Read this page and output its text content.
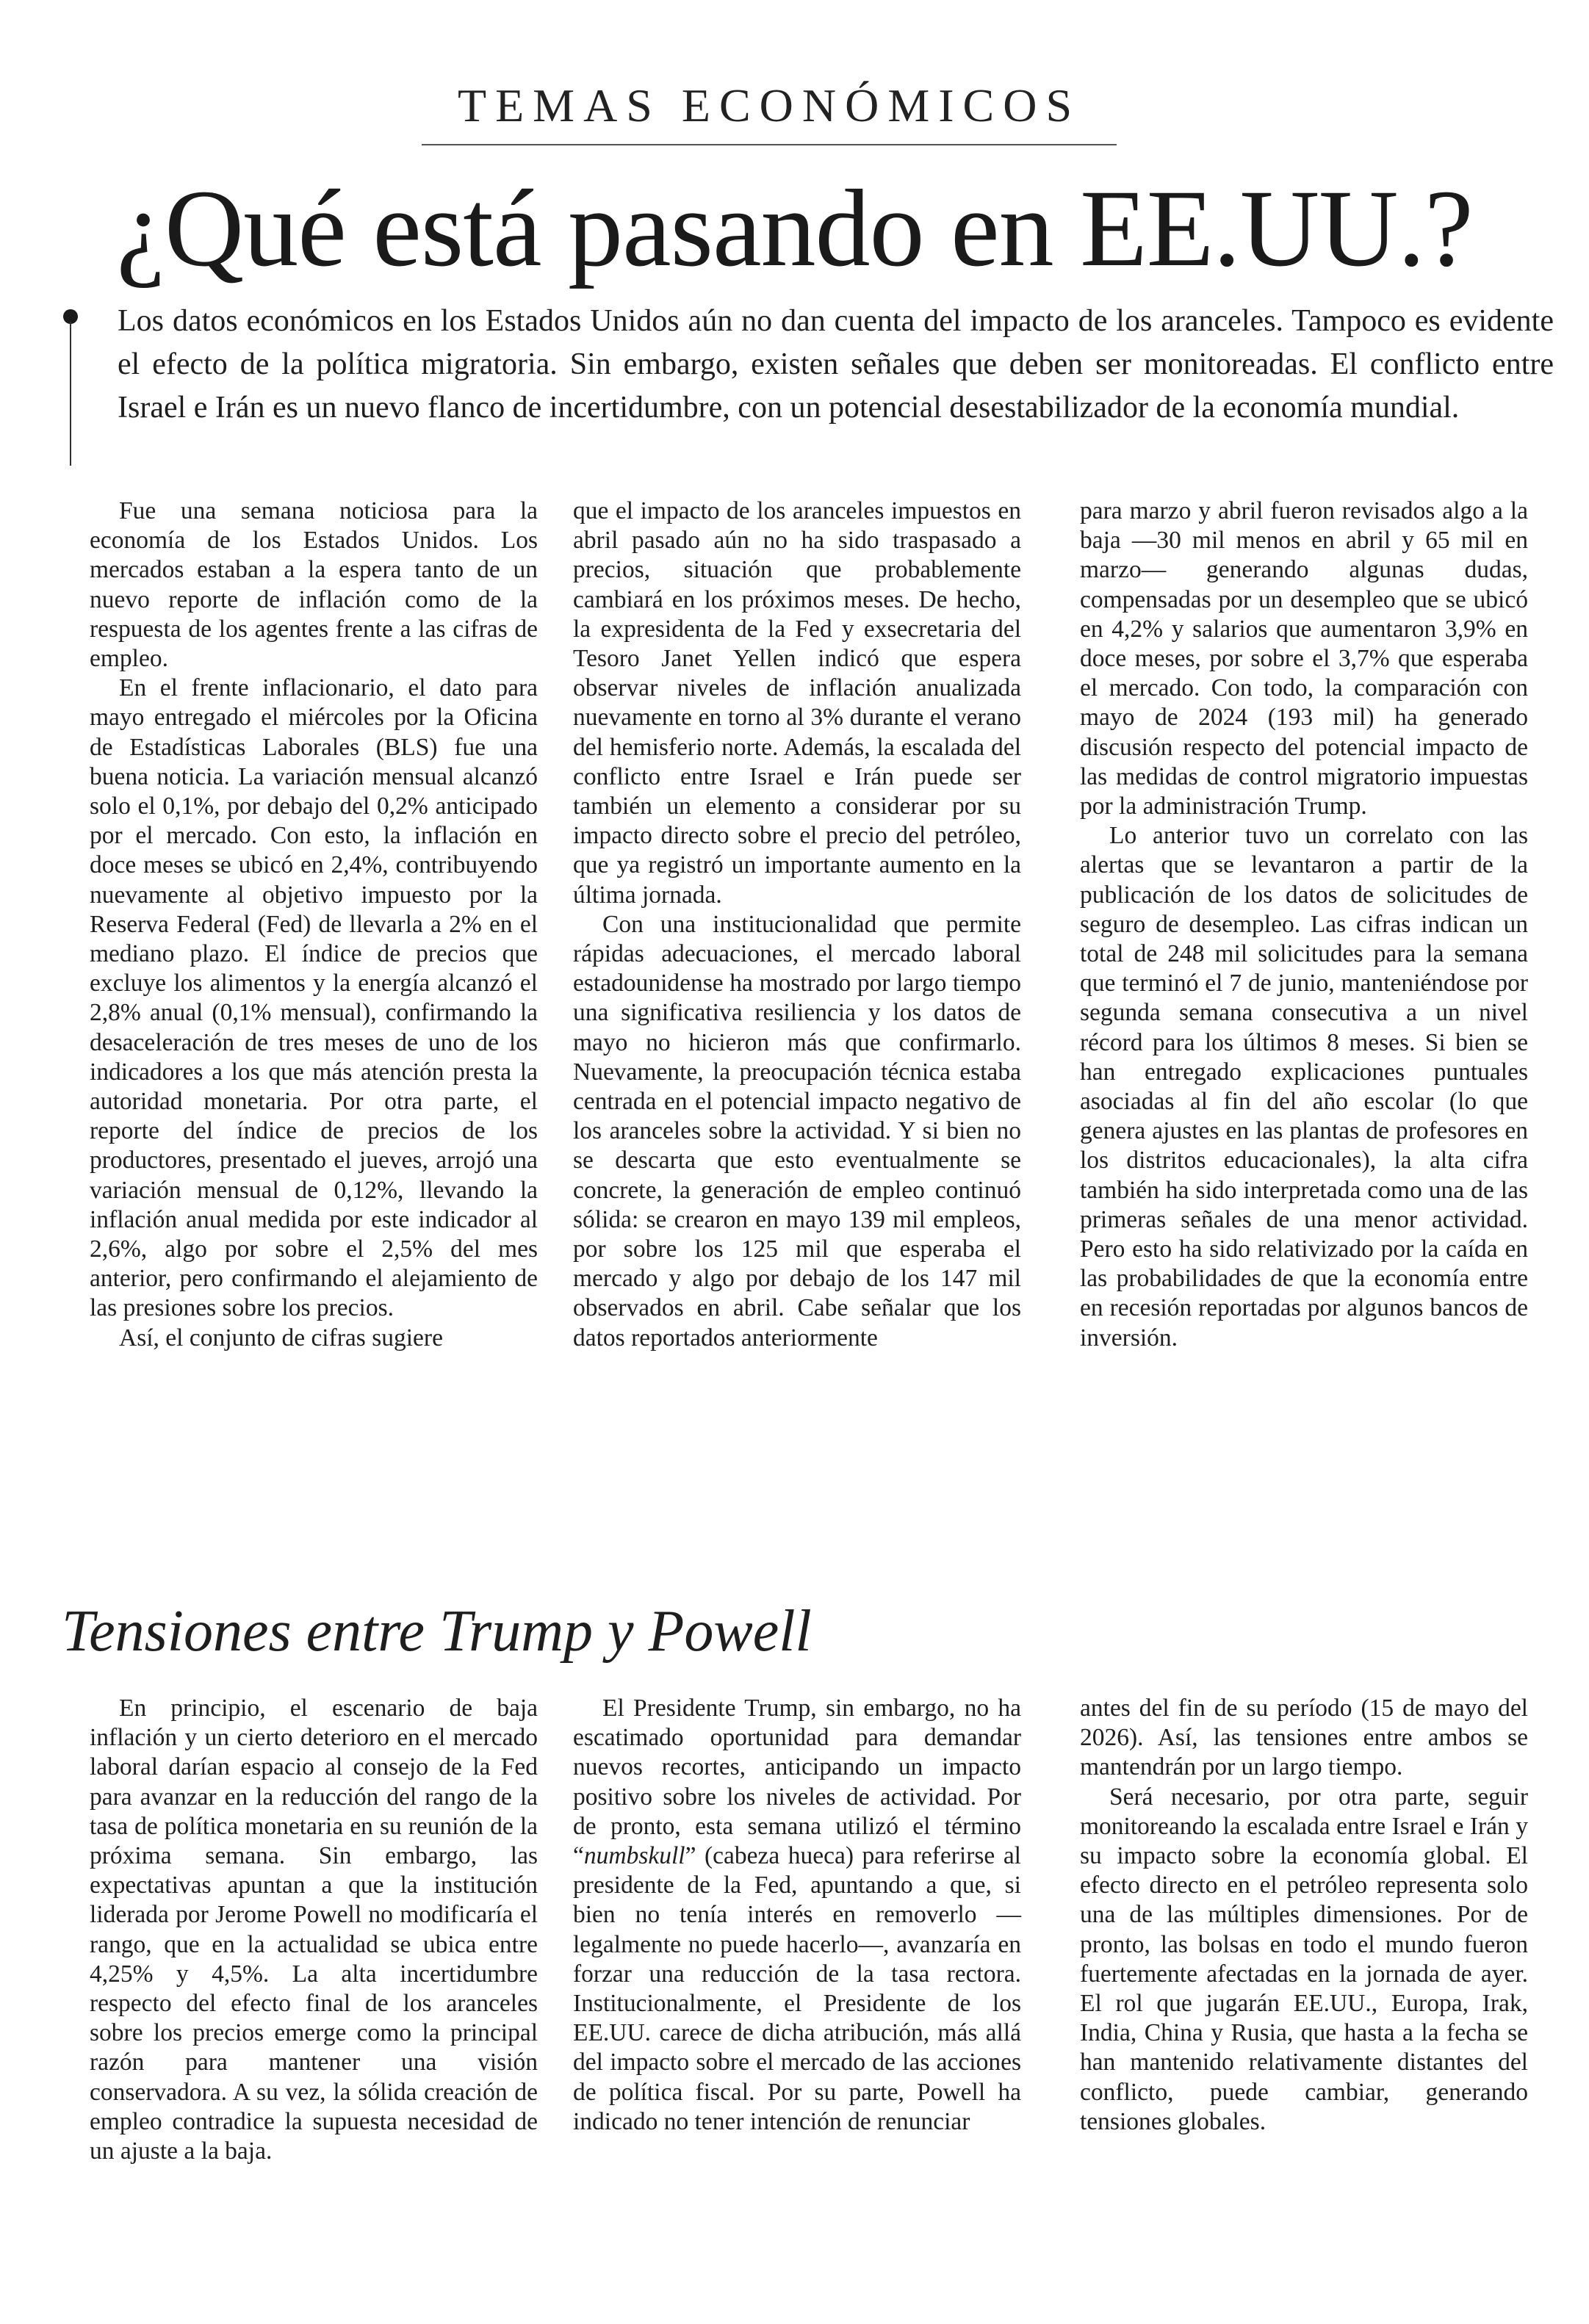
TEMAS ECONÓMICOS
¿Qué está pasando en EE.UU.?
Los datos económicos en los Estados Unidos aún no dan cuenta del impacto de los aranceles. Tampoco es evidente el efecto de la política migratoria. Sin embargo, existen señales que deben ser monitoreadas. El conflicto entre Israel e Irán es un nuevo flanco de incertidumbre, con un potencial desestabilizador de la economía mundial.

Fue una semana noticiosa para la economía de los Estados Unidos. Los mercados estaban a la espera tanto de un nuevo reporte de inflación como de la respuesta de los agentes frente a las cifras de empleo.

En el frente inflacionario, el dato para mayo entregado el miércoles por la Oficina de Estadísticas Laborales (BLS) fue una buena noticia. La variación mensual alcanzó solo el 0,1%, por debajo del 0,2% anticipado por el mercado. Con esto, la inflación en doce meses se ubicó en 2,4%, contribuyendo nuevamente al objetivo impuesto por la Reserva Federal (Fed) de llevarla a 2% en el mediano plazo. El índice de precios que excluye los alimentos y la energía alcanzó el 2,8% anual (0,1% mensual), confirmando la desaceleración de tres meses de uno de los indicadores a los que más atención presta la autoridad monetaria. Por otra parte, el reporte del índice de precios de los productores, presentado el jueves, arrojó una variación mensual de 0,12%, llevando la inflación anual medida por este indicador al 2,6%, algo por sobre el 2,5% del mes anterior, pero confirmando el alejamiento de las presiones sobre los precios.

Así, el conjunto de cifras sugiere

que el impacto de los aranceles impuestos en abril pasado aún no ha sido traspasado a precios, situación que probablemente cambiará en los próximos meses. De hecho, la expresidenta de la Fed y exsecretaria del Tesoro Janet Yellen indicó que espera observar niveles de inflación anualizada nuevamente en torno al 3% durante el verano del hemisferio norte. Además, la escalada del conflicto entre Israel e Irán puede ser también un elemento a considerar por su impacto directo sobre el precio del petróleo, que ya registró un importante aumento en la última jornada.

Con una institucionalidad que permite rápidas adecuaciones, el mercado laboral estadounidense ha mostrado por largo tiempo una significativa resiliencia y los datos de mayo no hicieron más que confirmarlo. Nuevamente, la preocupación técnica estaba centrada en el potencial impacto negativo de los aranceles sobre la actividad. Y si bien no se descarta que esto eventualmente se concrete, la generación de empleo continuó sólida: se crearon en mayo 139 mil empleos, por sobre los 125 mil que esperaba el mercado y algo por debajo de los 147 mil observados en abril. Cabe señalar que los datos reportados anteriormente

para marzo y abril fueron revisados algo a la baja —30 mil menos en abril y 65 mil en marzo— generando algunas dudas, compensadas por un desempleo que se ubicó en 4,2% y salarios que aumentaron 3,9% en doce meses, por sobre el 3,7% que esperaba el mercado. Con todo, la comparación con mayo de 2024 (193 mil) ha generado discusión respecto del potencial impacto de las medidas de control migratorio impuestas por la administración Trump.

Lo anterior tuvo un correlato con las alertas que se levantaron a partir de la publicación de los datos de solicitudes de seguro de desempleo. Las cifras indican un total de 248 mil solicitudes para la semana que terminó el 7 de junio, manteniéndose por segunda semana consecutiva a un nivel récord para los últimos 8 meses. Si bien se han entregado explicaciones puntuales asociadas al fin del año escolar (lo que genera ajustes en las plantas de profesores en los distritos educacionales), la alta cifra también ha sido interpretada como una de las primeras señales de una menor actividad. Pero esto ha sido relativizado por la caída en las probabilidades de que la economía entre en recesión reportadas por algunos bancos de inversión.

Tensiones entre Trump y Powell

En principio, el escenario de baja inflación y un cierto deterioro en el mercado laboral darían espacio al consejo de la Fed para avanzar en la reducción del rango de la tasa de política monetaria en su reunión de la próxima semana. Sin embargo, las expectativas apuntan a que la institución liderada por Jerome Powell no modificaría el rango, que en la actualidad se ubica entre 4,25% y 4,5%. La alta incertidumbre respecto del efecto final de los aranceles sobre los precios emerge como la principal razón para mantener una visión conservadora. A su vez, la sólida creación de empleo contradice la supuesta necesidad de un ajuste a la baja.

El Presidente Trump, sin embargo, no ha escatimado oportunidad para demandar nuevos recortes, anticipando un impacto positivo sobre los niveles de actividad. Por de pronto, esta semana utilizó el término “numbskull” (cabeza hueca) para referirse al presidente de la Fed, apuntando a que, si bien no tenía interés en removerlo —legalmente no puede hacerlo—, avanzaría en forzar una reducción de la tasa rectora. Institucionalmente, el Presidente de los EE.UU. carece de dicha atribución, más allá del impacto sobre el mercado de las acciones de política fiscal. Por su parte, Powell ha indicado no tener intención de renunciar

antes del fin de su período (15 de mayo del 2026). Así, las tensiones entre ambos se mantendrán por un largo tiempo.

Será necesario, por otra parte, seguir monitoreando la escalada entre Israel e Irán y su impacto sobre la economía global. El efecto directo en el petróleo representa solo una de las múltiples dimensiones. Por de pronto, las bolsas en todo el mundo fueron fuertemente afectadas en la jornada de ayer. El rol que jugarán EE.UU., Europa, Irak, India, China y Rusia, que hasta a la fecha se han mantenido relativamente distantes del conflicto, puede cambiar, generando tensiones globales.
